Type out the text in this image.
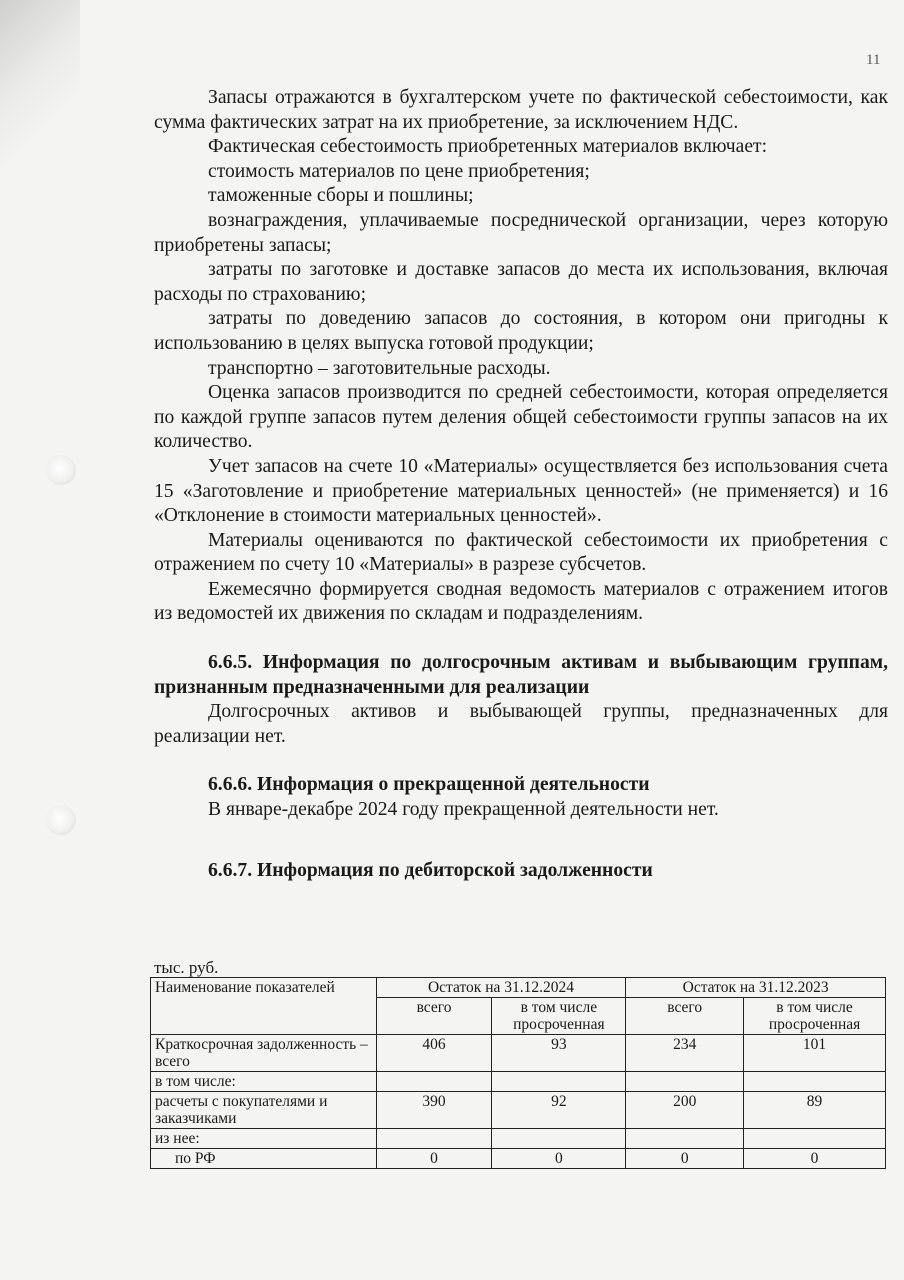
11

Запасы отражаются в бухгалтерском учете по фактической себестоимости, как сумма фактических затрат на их приобретение, за исключением НДС.

Фактическая себестоимость приобретенных материалов включает:

стоимость материалов по цене приобретения;

таможенные сборы и пошлины;

вознаграждения, уплачиваемые посреднической организации, через которую приобретены запасы;

затраты по заготовке и доставке запасов до места их использования, включая расходы по страхованию;

затраты по доведению запасов до состояния, в котором они пригодны к использованию в целях выпуска готовой продукции;

транспортно – заготовительные расходы.

Оценка запасов производится по средней себестоимости, которая определяется по каждой группе запасов путем деления общей себестоимости группы запасов на их количество.

Учет запасов на счете 10 «Материалы» осуществляется без использования счета 15 «Заготовление и приобретение материальных ценностей» (не применяется) и 16 «Отклонение в стоимости материальных ценностей».

Материалы оцениваются по фактической себестоимости их приобретения с отражением по счету 10 «Материалы» в разрезе субсчетов.

Ежемесячно формируется сводная ведомость материалов с отражением итогов из ведомостей их движения по складам и подразделениям.

6.6.5. Информация по долгосрочным активам и выбывающим группам, признанным предназначенными для реализации

Долгосрочных активов и выбывающей группы, предназначенных для реализации нет.

6.6.6. Информация о прекращенной деятельности

В январе-декабре 2024 году прекращенной деятельности нет.

6.6.7. Информация по дебиторской задолженности

тыс. руб.
Наименование показателей	Остаток на 31.12.2024		Остаток на 31.12.2023	
	всего	в том числе просроченная	всего	в том числе просроченная
Краткосрочная задолженность – всего	406	93	234	101
в том числе:				
расчеты с покупателями и заказчиками	390	92	200	89
из нее:				
по РФ	0	0	0	0
